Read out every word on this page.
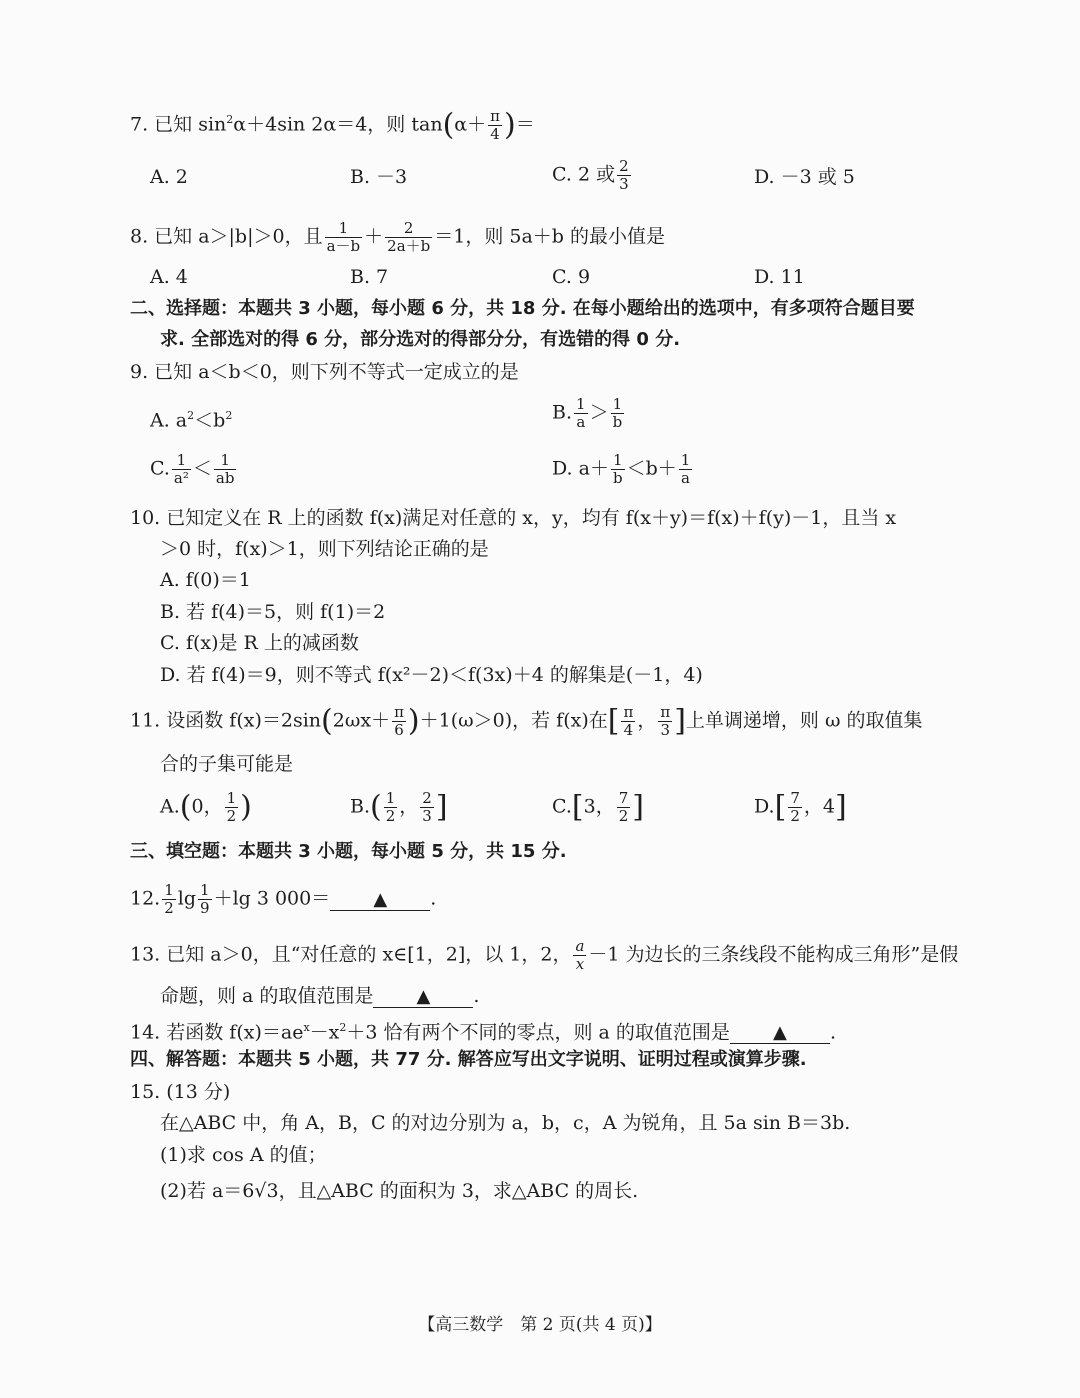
7. 已知 $\sin^2\alpha+4\sin$ 2α＝4，则 $\tan(\alpha+ \frac{\pi}{4}$ )＝
A. 2	B. －3	C. 2 或 $\frac{2}{3}$	D. －3 或 5
8. 已知 a＞|b|＞0，且 $\frac{1}{a-b} + \frac{2}{2a+b} =1$，则 5a＋b 的最小值是
A. 4	B. 7	C. 9	D. 11
二、选择题：本题共 3 小题，每小题 6 分，共 18 分. 在每小题给出的选项中，有多项符合题目要
求. 全部选对的得 6 分，部分选对的得部分分，有选错的得 0 分.
9. 已知 a＜b＜0，则下列不等式一定成立的是
A. $a^2<b^2$	B. $\frac{1}{a} > \frac{1}{b}$
C. $\frac{1}{\text{a²}} < \frac{1}{ab}$	D. $a+ \frac{1}{b} <b+ \frac{1}{a}$
10. 已知定义在 R 上的函数 f(x)满足对任意的 x，y，均有 f(x＋y)＝f(x)＋f(y)－1，且当 x
＞0 时，f(x)＞1，则下列结论正确的是
A. f(0)＝1
B. 若 f(4)＝5，则 f(1)＝2
C. f(x)是 R 上的减函数
D. 若 f(4)＝9，则不等式 f(x²－2)＜f(3x)＋4 的解集是(－1，4)
11. 设函数 $f(x)=2\sin(2\omega x+ \frac{\pi}{6} )+1(\omega>0)$，若 f(x)在[ $\frac{\pi}{4}$ ， $\frac{\pi}{3}$ ]上单调递增，则 ω 的取值集
合的子集可能是
A.(0， $\frac{1}{2}$ )	$B.( \frac{1}{2}$ ， $\frac{2}{3}$ ]	C.[3， $\frac{7}{2}$ ]	$D.[ \frac{7}{2}$ ，4]
三、填空题：本题共 3 小题，每小题 5 分，共 15 分.
12. $\frac{1}{2}$ $\lg \frac{1}{9} +\lg$ 3 000＝ ▲ .
13. 已知 a＞0，且“对任意的 x∈[1，2]，以 1，2， $\frac{a}{x} -1$ 为边长的三条线段不能构成三角形”是假
命题，则 a 的取值范围是 ▲ .
14. 若函数 $f(x)=ae^x-x^2+3$ 恰有两个不同的零点，则 a 的取值范围是 ▲ .
四、解答题：本题共 5 小题，共 77 分. 解答应写出文字说明、证明过程或演算步骤.
15. (13 分)
在△ABC 中，角 A，B，C 的对边分别为 a，b，c，A 为锐角，且 5a sin B＝3b.
(1)求 cos A 的值；
(2)若 a＝6√3，且△ABC 的面积为 3，求△ABC 的周长.
【高三数学　第 2 页(共 4 页)】
